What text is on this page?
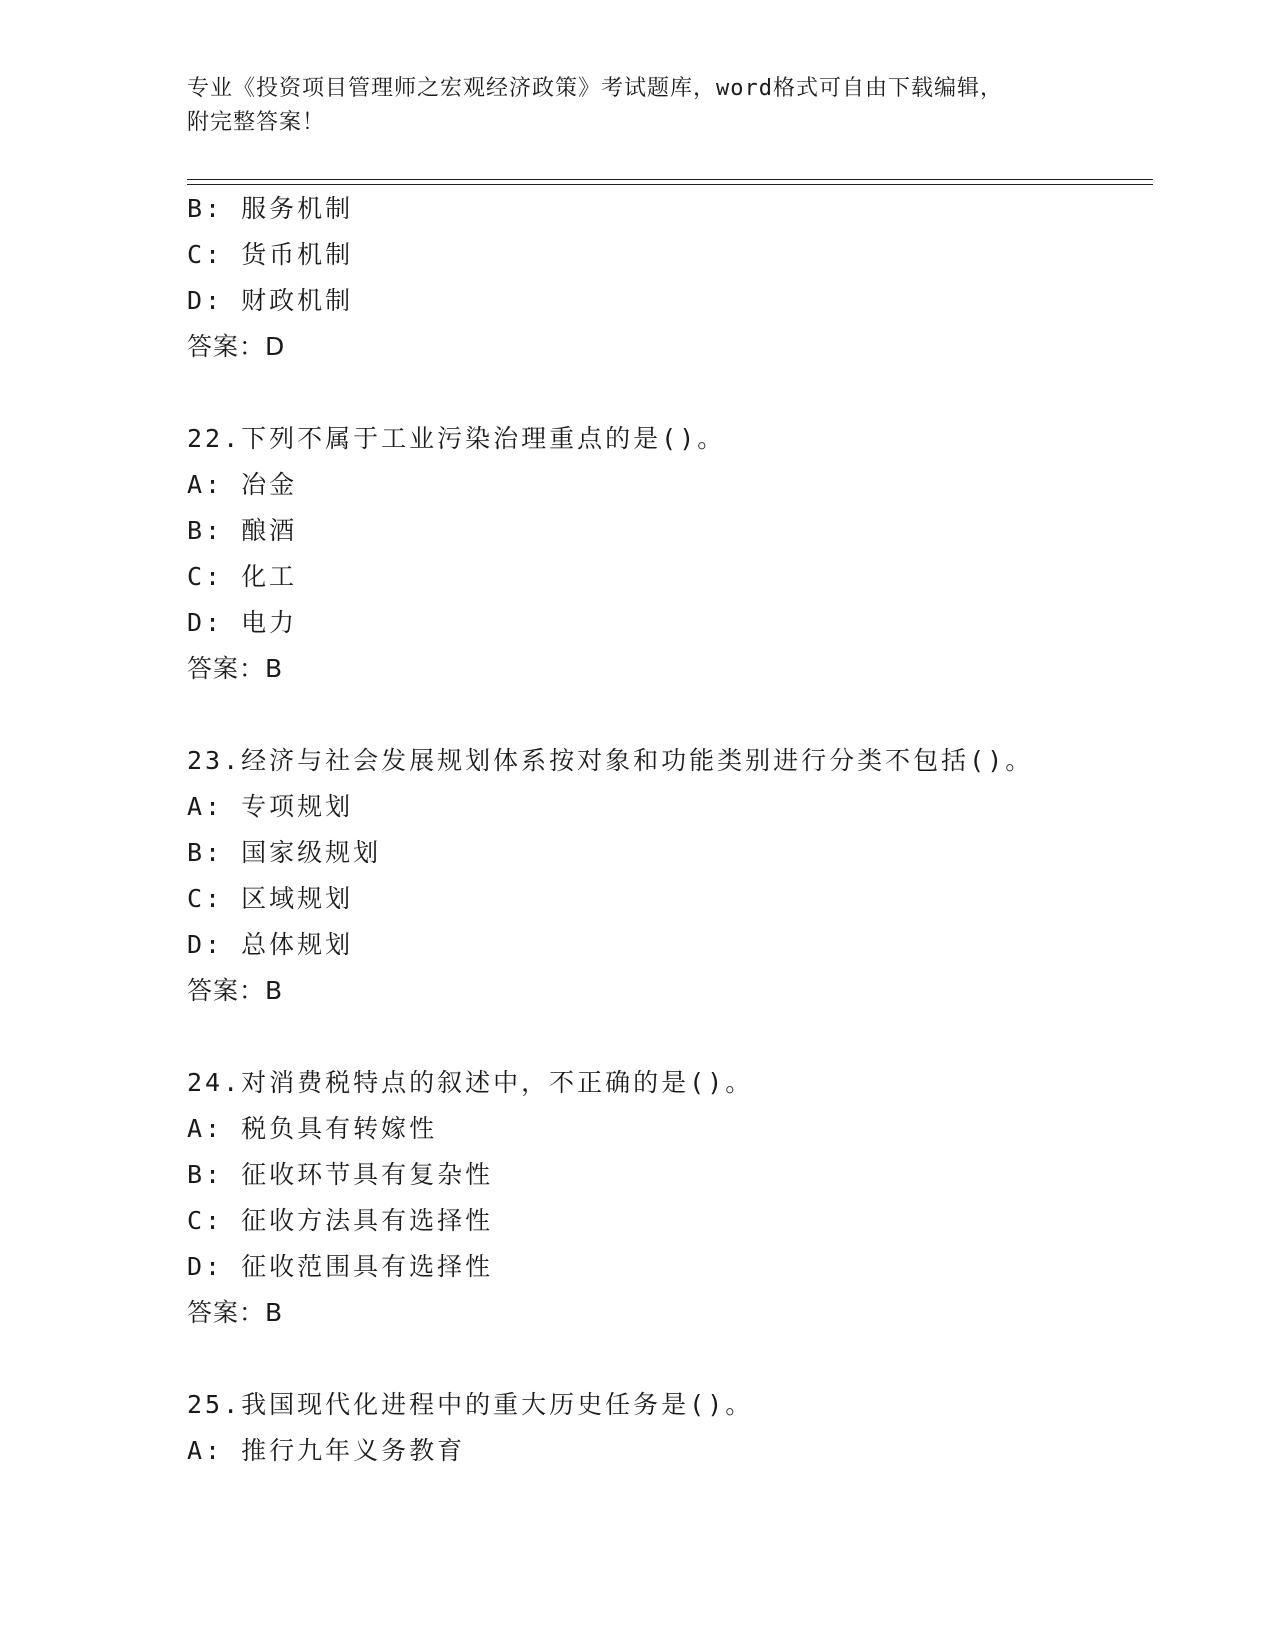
专业《投资项目管理师之宏观经济政策》考试题库，word格式可自由下载编辑，
附完整答案！
B: 服务机制
C: 货币机制
D: 财政机制
答案：D
22.下列不属于工业污染治理重点的是()。
A: 冶金
B: 酿酒
C: 化工
D: 电力
答案：B
23.经济与社会发展规划体系按对象和功能类别进行分类不包括()。
A: 专项规划
B: 国家级规划
C: 区域规划
D: 总体规划
答案：B
24.对消费税特点的叙述中，不正确的是()。
A: 税负具有转嫁性
B: 征收环节具有复杂性
C: 征收方法具有选择性
D: 征收范围具有选择性
答案：B
25.我国现代化进程中的重大历史任务是()。
A: 推行九年义务教育
